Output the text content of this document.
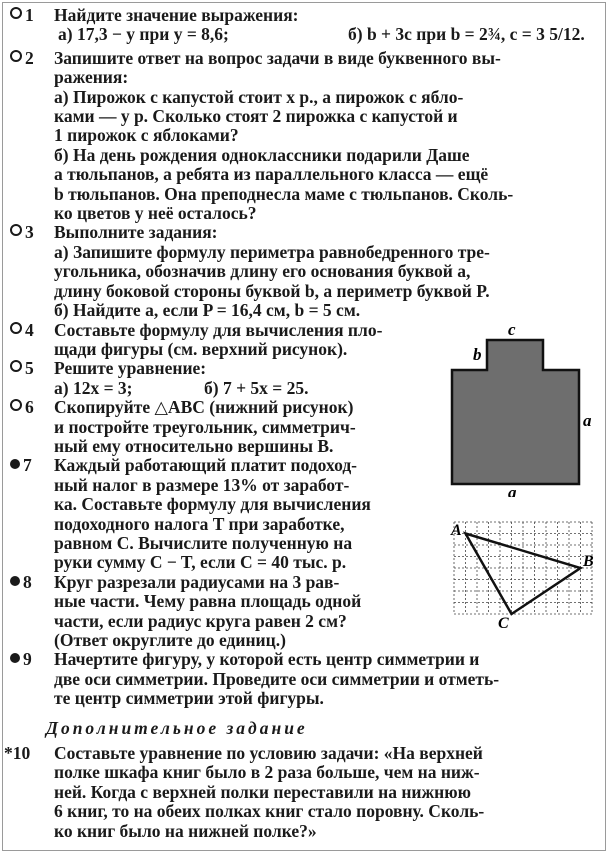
1	Найдите значение выражения:
а) 17,3 − y при y = 8,6;	б) b + 3c при b = 2¾, c = 3 5/12.
2	Запишите ответ на вопрос задачи в виде буквенного вы-
ражения:
а) Пирожок с капустой стоит x р., а пирожок с ябло-
ками — y р. Сколько стоят 2 пирожка с капустой и
1 пирожок с яблоками?
б) На день рождения одноклассники подарили Даше
a тюльпанов, а ребята из параллельного класса — ещё
b тюльпанов. Она преподнесла маме c тюльпанов. Сколь-
ко цветов у неё осталось?
3	Выполните задания:
а) Запишите формулу периметра равнобедренного тре-
угольника, обозначив длину его основания буквой a,
длину боковой стороны буквой b, а периметр буквой P.
б) Найдите a, если P = 16,4 см, b = 5 см.
4	Составьте формулу для вычисления пло-
щади фигуры (см. верхний рисунок).
5	Решите уравнение:
а) 12x = 3;	б) 7 + 5x = 25.
6	Скопируйте △ABC (нижний рисунок)
и постройте треугольник, симметрич-
ный ему относительно вершины B.
7	Каждый работающий платит подоход-
ный налог в размере 13% от заработ-
ка. Составьте формулу для вычисления
подоходного налога T при заработке,
равном C. Вычислите полученную на
руки сумму C − T, если C = 40 тыс. р.
8	Круг разрезали радиусами на 3 рав-
ные части. Чему равна площадь одной
части, если радиус круга равен 2 см?
(Ответ округлите до единиц.)
9	Начертите фигуру, у которой есть центр симметрии и
две оси симметрии. Проведите оси симметрии и отметь-
те центр симметрии этой фигуры.
Дополнительное задание
*10	Составьте уравнение по условию задачи: «На верхней
полке шкафа книг было в 2 раза больше, чем на ниж-
ней. Когда с верхней полки переставили на нижнюю
6 книг, то на обеих полках книг стало поровну. Сколь-
ко книг было на нижней полке?»
c
b
a
a
A
B
C
